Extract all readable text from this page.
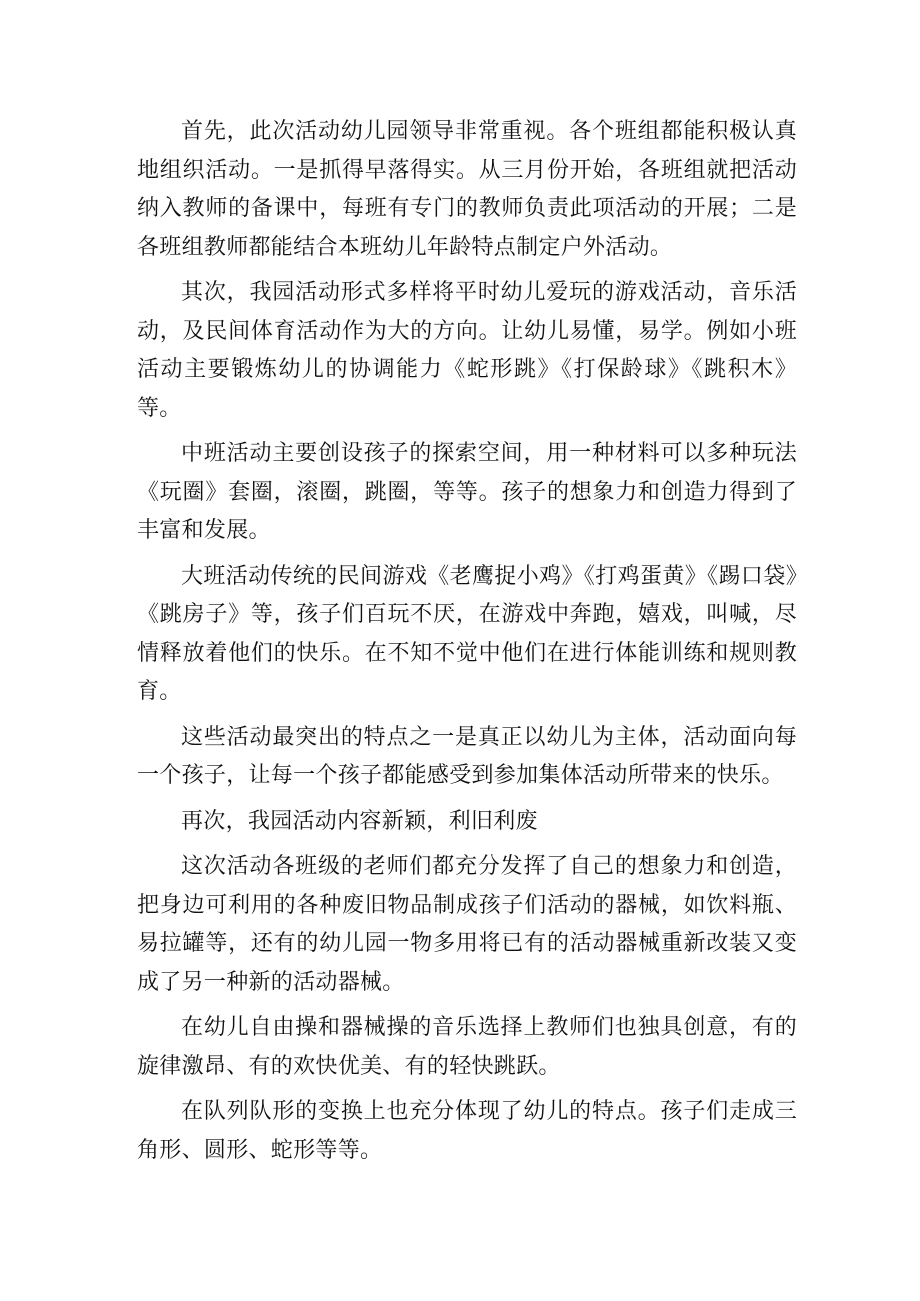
首先，此次活动幼儿园领导非常重视。各个班组都能积极认真地组织活动。一是抓得早落得实。从三月份开始，各班组就把活动纳入教师的备课中，每班有专门的教师负责此项活动的开展；二是各班组教师都能结合本班幼儿年龄特点制定户外活动。

其次，我园活动形式多样将平时幼儿爱玩的游戏活动，音乐活动，及民间体育活动作为大的方向。让幼儿易懂，易学。例如小班活动主要锻炼幼儿的协调能力《蛇形跳》《打保龄球》《跳积木》等。

中班活动主要创设孩子的探索空间，用一种材料可以多种玩法《玩圈》套圈，滚圈，跳圈，等等。孩子的想象力和创造力得到了丰富和发展。

大班活动传统的民间游戏《老鹰捉小鸡》《打鸡蛋黄》《踢口袋》《跳房子》等，孩子们百玩不厌，在游戏中奔跑，嬉戏，叫喊，尽情释放着他们的快乐。在不知不觉中他们在进行体能训练和规则教育。

这些活动最突出的特点之一是真正以幼儿为主体，活动面向每一个孩子，让每一个孩子都能感受到参加集体活动所带来的快乐。

再次，我园活动内容新颖，利旧利废

这次活动各班级的老师们都充分发挥了自己的想象力和创造，把身边可利用的各种废旧物品制成孩子们活动的器械，如饮料瓶、易拉罐等，还有的幼儿园一物多用将已有的活动器械重新改装又变成了另一种新的活动器械。

在幼儿自由操和器械操的音乐选择上教师们也独具创意，有的旋律激昂、有的欢快优美、有的轻快跳跃。

在队列队形的变换上也充分体现了幼儿的特点。孩子们走成三角形、圆形、蛇形等等。
